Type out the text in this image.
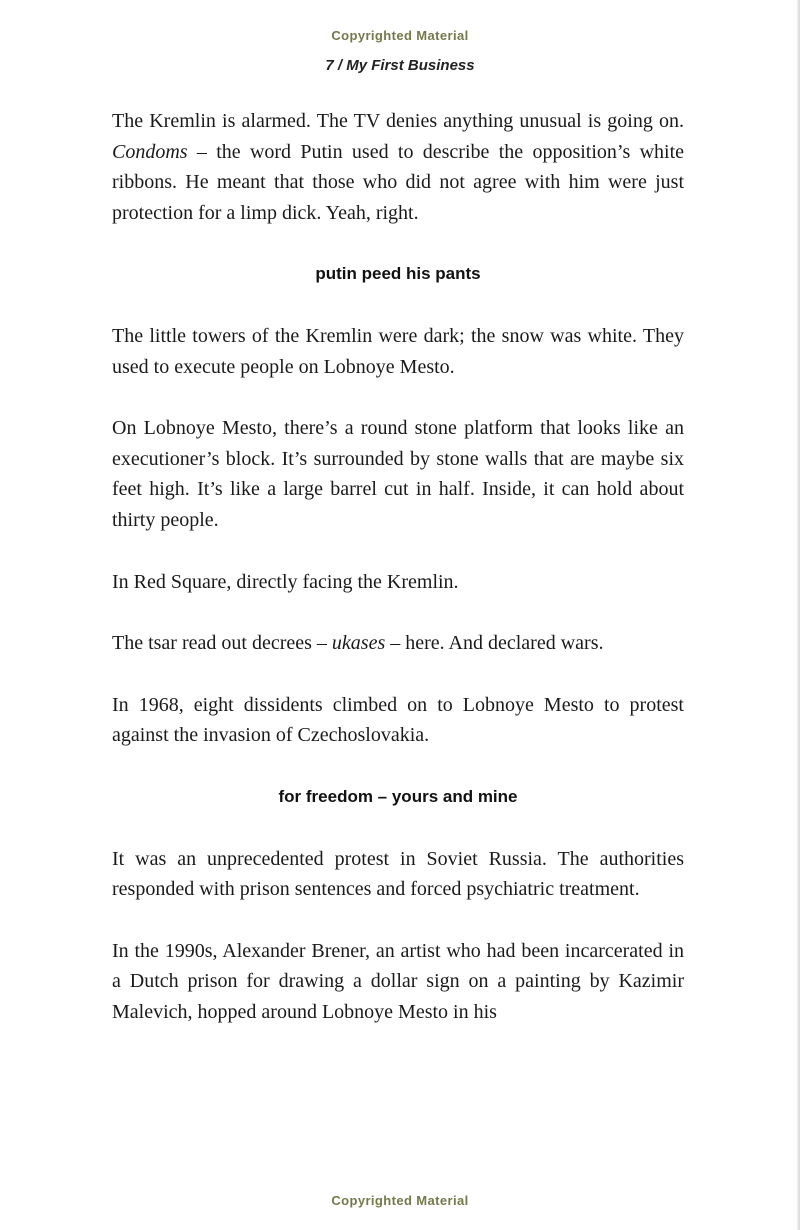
Copyrighted Material
7 / My First Business

The Kremlin is alarmed. The TV denies anything unusual is going on. Condoms – the word Putin used to describe the opposition’s white ribbons. He meant that those who did not agree with him were just protection for a limp dick. Yeah, right.

putin peed his pants

The little towers of the Kremlin were dark; the snow was white. They used to execute people on Lobnoye Mesto.

On Lobnoye Mesto, there’s a round stone platform that looks like an executioner’s block. It’s surrounded by stone walls that are maybe six feet high. It’s like a large barrel cut in half. Inside, it can hold about thirty people.

In Red Square, directly facing the Kremlin.

The tsar read out decrees – ukases – here. And declared wars.

In 1968, eight dissidents climbed on to Lobnoye Mesto to protest against the invasion of Czechoslovakia.

for freedom – yours and mine

It was an unprecedented protest in Soviet Russia. The authorities responded with prison sentences and forced psychiatric treatment.

In the 1990s, Alexander Brener, an artist who had been incarcerated in a Dutch prison for drawing a dollar sign on a painting by Kazimir Malevich, hopped around Lobnoye Mesto in his

Copyrighted Material
